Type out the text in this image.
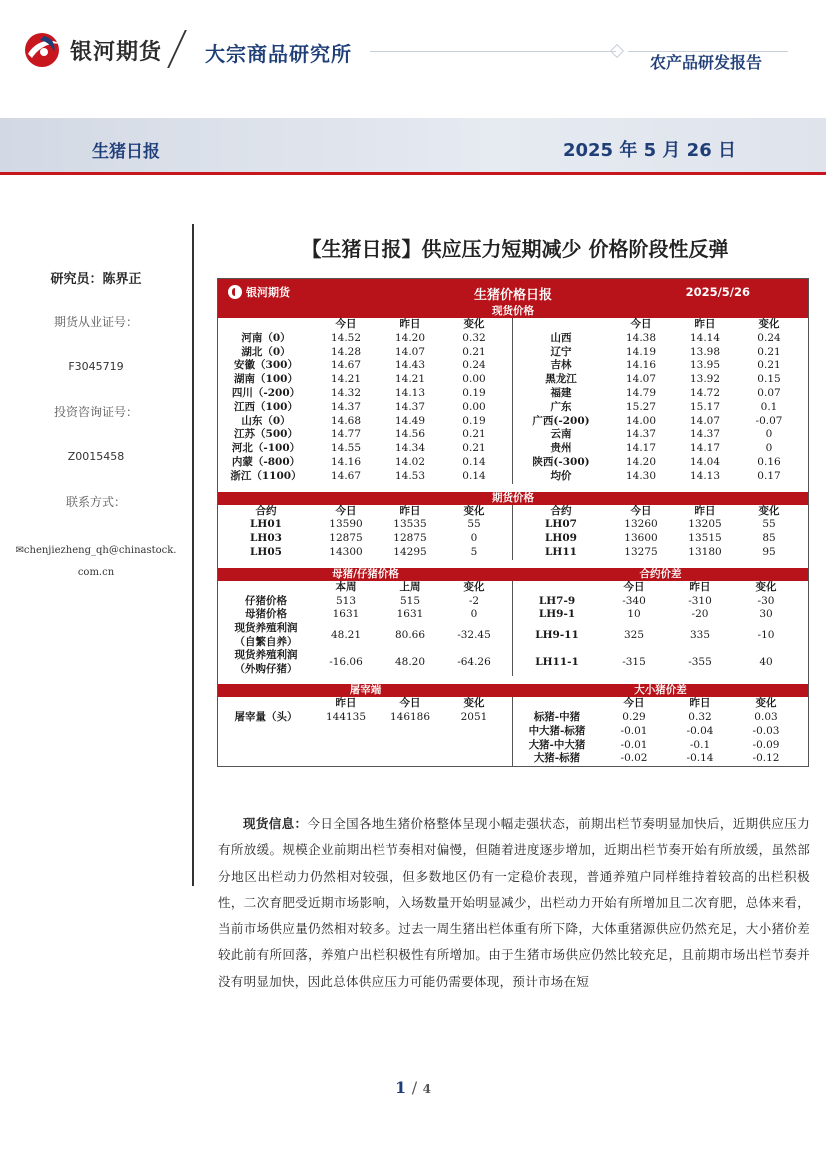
银河期货 大宗商品研究所	农产品研发报告
生猪日报	2025 年 5 月 26 日
研究员：陈界正
期货从业证号：
F3045719
投资咨询证号：
Z0015458
联系方式：
✉chenjiezheng_qh@chinastock.com.cn
【生猪日报】供应压力短期减少 价格阶段性反弹
银河期货	生猪价格日报	2025/5/26
现货价格
今日	昨日	变化	今日	昨日	变化
河南（0）	14.52	14.20	0.32	山西	14.38	14.14	0.24
湖北（0）	14.28	14.07	0.21	辽宁	14.19	13.98	0.21
安徽（300）	14.67	14.43	0.24	吉林	14.16	13.95	0.21
湖南（100）	14.21	14.21	0.00	黑龙江	14.07	13.92	0.15
四川（-200）	14.32	14.13	0.19	福建	14.79	14.72	0.07
江西（100）	14.37	14.37	0.00	广东	15.27	15.17	0.1
山东（0）	14.68	14.49	0.19	广西(-200)	14.00	14.07	-0.07
江苏（500）	14.77	14.56	0.21	云南	14.37	14.37	0
河北（-100）	14.55	14.34	0.21	贵州	14.17	14.17	0
内蒙（-800）	14.16	14.02	0.14	陕西(-300)	14.20	14.04	0.16
浙江（1100）	14.67	14.53	0.14	均价	14.30	14.13	0.17
期货价格
合约	今日	昨日	变化	合约	今日	昨日	变化
LH01	13590	13535	55	LH07	13260	13205	55
LH03	12875	12875	0	LH09	13600	13515	85
LH05	14300	14295	5	LH11	13275	13180	95
母猪/仔猪价格	合约价差
本周	上周	变化	今日	昨日	变化
仔猪价格	513	515	-2	LH7-9	-340	-310	-30
母猪价格	1631	1631	0	LH9-1	10	-20	30
现货养殖利润
（自繁自养）
48.21	80.66	-32.45	LH9-11	325	335	-10
现货养殖利润
（外购仔猪）
-16.06	48.20	-64.26	LH11-1	-315	-355	40
屠宰端	大小猪价差
昨日	今日	变化	今日	昨日	变化
屠宰量（头）	144135	146186	2051	标猪-中猪	0.29	0.32	0.03
中大猪-标猪	-0.01	-0.04	-0.03
大猪-中大猪	-0.01	-0.1	-0.09
大猪-标猪	-0.02	-0.14	-0.12
现货信息：今日全国各地生猪价格整体呈现小幅走强状态，前期出栏节奏明显加快后，近期供应压力有所放缓。规模企业前期出栏节奏相对偏慢，但随着进度逐步增加，近期出栏节奏开始有所放缓，虽然部分地区出栏动力仍然相对较强，但多数地区仍有一定稳价表现，普通养殖户同样维持着较高的出栏积极性，二次育肥受近期市场影响，入场数量开始明显减少，出栏动力开始有所增加且二次育肥，总体来看，当前市场供应量仍然相对较多。过去一周生猪出栏体重有所下降，大体重猪源供应仍然充足，大小猪价差较此前有所回落，养殖户出栏积极性有所增加。由于生猪市场供应仍然比较充足，且前期市场出栏节奏并没有明显加快，因此总体供应压力可能仍需要体现，预计市场在短
1 / 4
